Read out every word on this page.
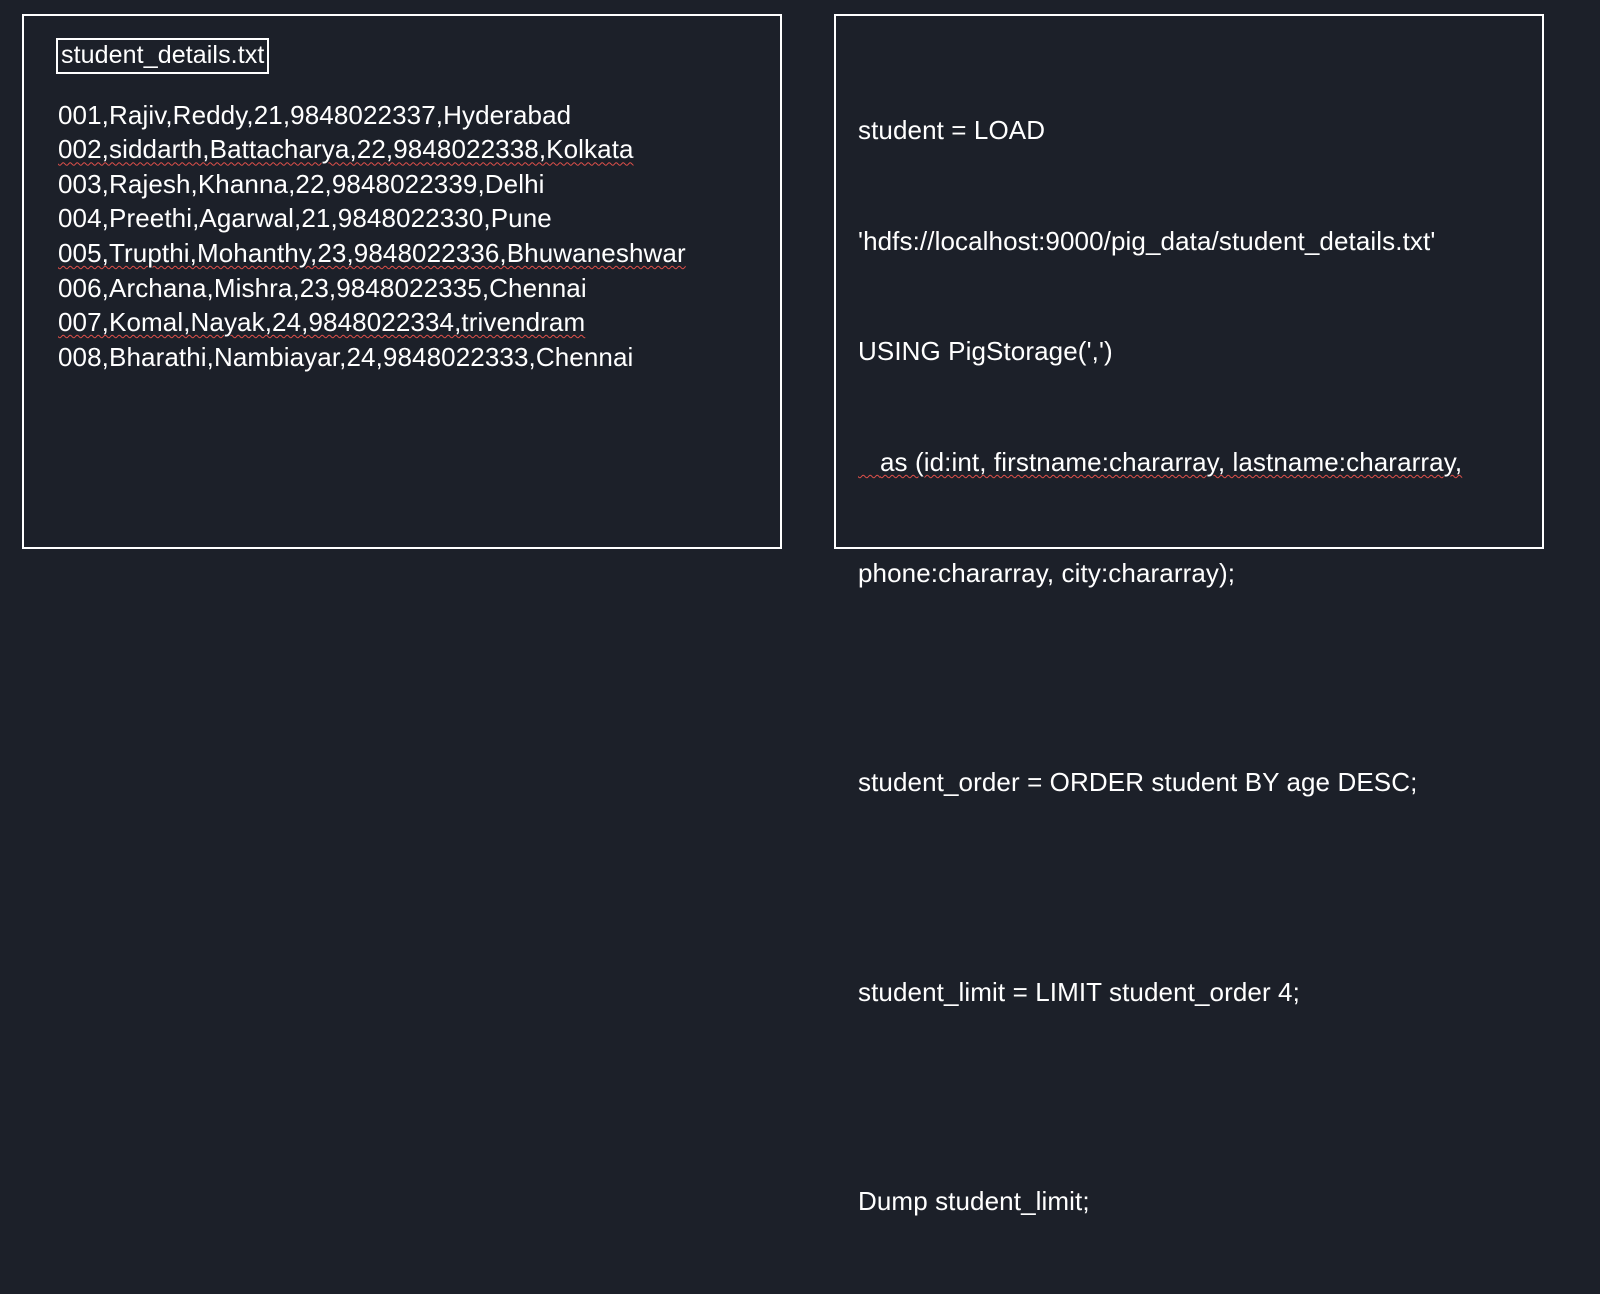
student_details.txt
001,Rajiv,Reddy,21,9848022337,Hyderabad
002,siddarth,Battacharya,22,9848022338,Kolkata
003,Rajesh,Khanna,22,9848022339,Delhi
004,Preethi,Agarwal,21,9848022330,Pune
005,Trupthi,Mohanthy,23,9848022336,Bhuwaneshwar
006,Archana,Mishra,23,9848022335,Chennai
007,Komal,Nayak,24,9848022334,trivendram
008,Bharathi,Nambiayar,24,9848022333,Chennai

student = LOAD

'hdfs://localhost:9000/pig_data/student_details.txt'

USING PigStorage(',')

as (id:int, firstname:chararray, lastname:chararray,

phone:chararray, city:chararray);

student_order = ORDER student BY age DESC;

student_limit = LIMIT student_order 4;

Dump student_limit;
